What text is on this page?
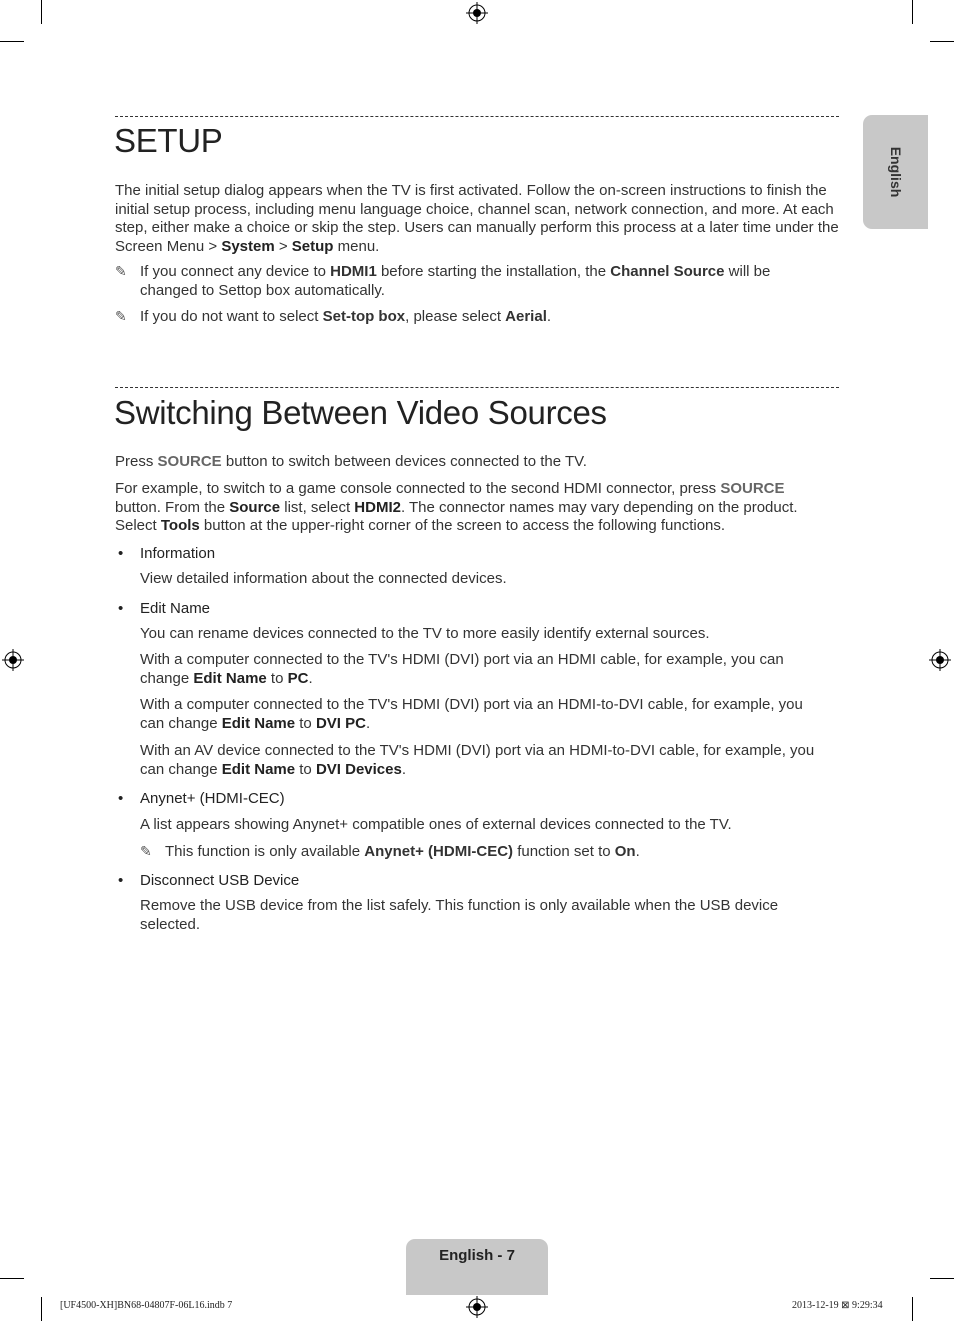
English
SETUP

The initial setup dialog appears when the TV is first activated. Follow the on-screen instructions to finish the initial setup process, including menu language choice, channel scan, network connection, and more. At each step, either make a choice or skip the step. Users can manually perform this process at a later time under the Screen Menu > System > Setup menu.

✎ If you connect any device to HDMI1 before starting the installation, the Channel Source will be
changed to Settop box automatically.
✎ If you do not want to select Set-top box, please select Aerial.
Switching Between Video Sources

Press SOURCE button to switch between devices connected to the TV.

For example, to switch to a game console connected to the second HDMI connector, press SOURCE button. From the Source list, select HDMI2. The connector names may vary depending on the product. Select Tools button at the upper-right corner of the screen to access the following functions.

• Information

View detailed information about the connected devices.

• Edit Name

You can rename devices connected to the TV to more easily identify external sources.

With a computer connected to the TV's HDMI (DVI) port via an HDMI cable, for example, you can change Edit Name to PC.

With a computer connected to the TV's HDMI (DVI) port via an HDMI-to-DVI cable, for example, you can change Edit Name to DVI PC.

With an AV device connected to the TV's HDMI (DVI) port via an HDMI-to-DVI cable, for example, you can change Edit Name to DVI Devices.

• Anynet+ (HDMI-CEC)

A list appears showing Anynet+ compatible ones of external devices connected to the TV.

✎ This function is only available Anynet+ (HDMI-CEC) function set to On.
• Disconnect USB Device

Remove the USB device from the list safely. This function is only available when the USB device selected.

English - 7
[UF4500-XH]BN68-04807F-06L16.indb 7	2013-12-19 ⊠ 9:29:34
